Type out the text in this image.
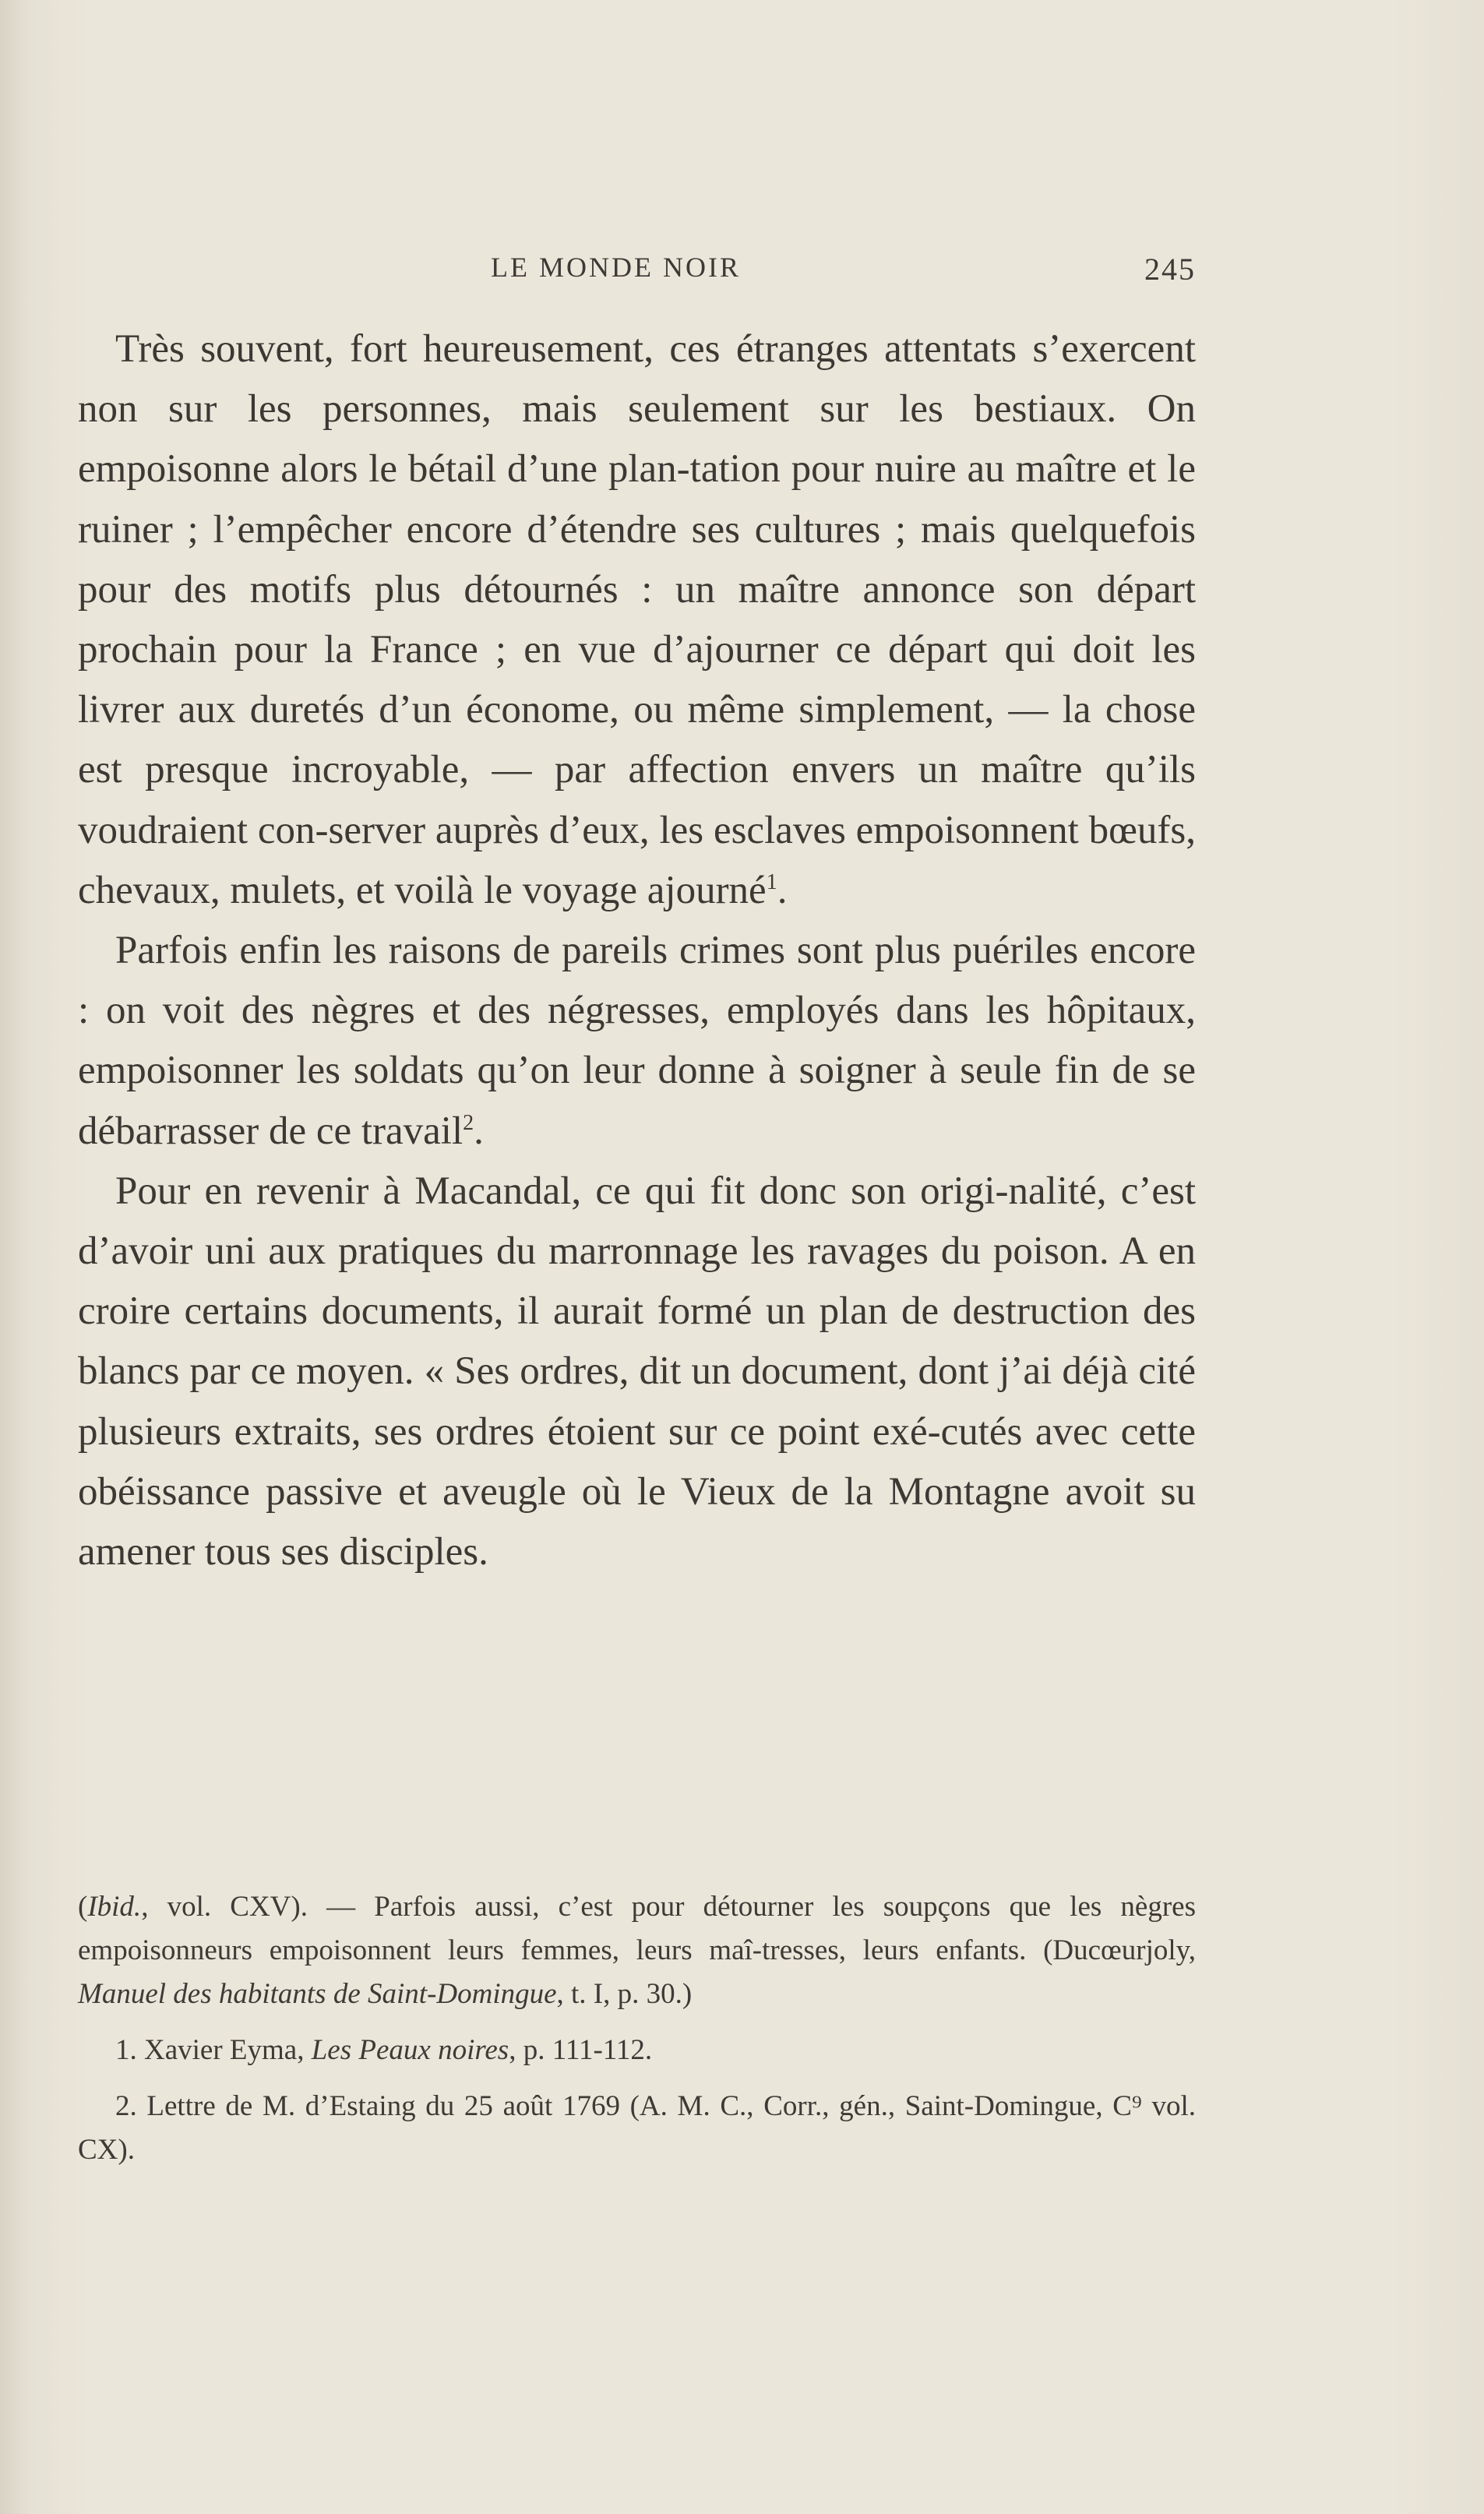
LE MONDE NOIR	245

Très souvent, fort heureusement, ces étranges attentats s’exercent non sur les personnes, mais seulement sur les bestiaux. On empoisonne alors le bétail d’une plan-tation pour nuire au maître et le ruiner ; l’empêcher encore d’étendre ses cultures ; mais quelquefois pour des motifs plus détournés : un maître annonce son départ prochain pour la France ; en vue d’ajourner ce départ qui doit les livrer aux duretés d’un économe, ou même simplement, — la chose est presque incroyable, — par affection envers un maître qu’ils voudraient con-server auprès d’eux, les esclaves empoisonnent bœufs, chevaux, mulets, et voilà le voyage ajourné$^1$.

Parfois enfin les raisons de pareils crimes sont plus puériles encore : on voit des nègres et des négresses, employés dans les hôpitaux, empoisonner les soldats qu’on leur donne à soigner à seule fin de se débarrasser de ce travail$^2$.

Pour en revenir à Macandal, ce qui fit donc son origi-nalité, c’est d’avoir uni aux pratiques du marronnage les ravages du poison. A en croire certains documents, il aurait formé un plan de destruction des blancs par ce moyen. « Ses ordres, dit un document, dont j’ai déjà cité plusieurs extraits, ses ordres étoient sur ce point exé-cutés avec cette obéissance passive et aveugle où le Vieux de la Montagne avoit su amener tous ses disciples.

(Ibid., vol. CXV). — Parfois aussi, c’est pour détourner les soupçons que les nègres empoisonneurs empoisonnent leurs femmes, leurs maî-tresses, leurs enfants. (Ducœurjoly, Manuel des habitants de Saint-Domingue, t. I, p. 30.)

1. Xavier Eyma, Les Peaux noires, p. 111-112.

2. Lettre de M. d’Estaing du 25 août 1769 (A. M. C., Corr., gén., Saint-Domingue, C⁹ vol. CX).
